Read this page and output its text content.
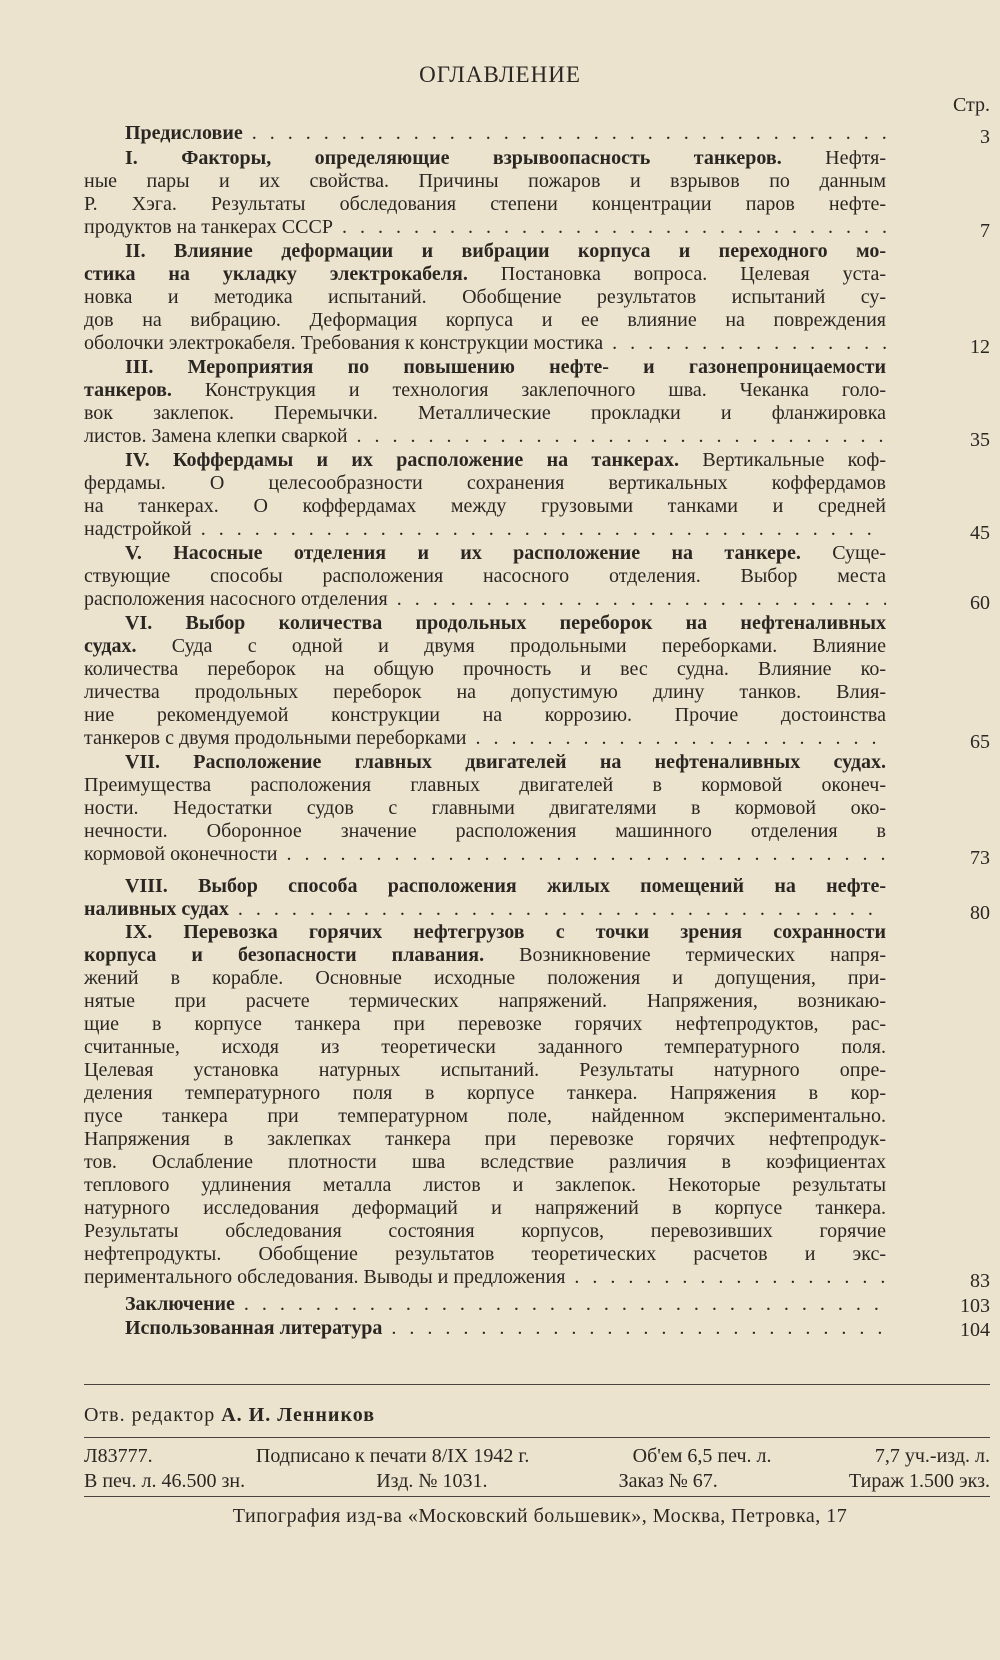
ОГЛАВЛЕНИЕ
Стр.
Предисловие . . .	3
I. Факторы, определяющие взрывоопасность танкеров. Нефтя-
ные пары и их свойства. Причины пожаров и взрывов по данным
Р. Хэга. Результаты обследования степени концентрации паров нефте-
продуктов на танкерах СССР . . .	7
II. Влияние деформации и вибрации корпуса и переходного мо-
стика на укладку электрокабеля. Постановка вопроса. Целевая уста-
новка и методика испытаний. Обобщение результатов испытаний су-
дов на вибрацию. Деформация корпуса и ее влияние на повреждения
оболочки электрокабеля. Требования к конструкции мостика . . .	12
III. Мероприятия по повышению нефте- и газонепроницаемости
танкеров. Конструкция и технология заклепочного шва. Чеканка голо-
вок заклепок. Перемычки. Металлические прокладки и фланжировка
листов. Замена клепки сваркой . . .	35
IV. Коффердамы и их расположение на танкерах. Вертикальные коф-
фердамы. О целесообразности сохранения вертикальных коффердамов
на танкерах. О коффердамах между грузовыми танками и средней
надстройкой . . .	45
V. Насосные отделения и их расположение на танкере. Суще-
ствующие способы расположения насосного отделения. Выбор места
расположения насосного отделения . . .	60
VI. Выбор количества продольных переборок на нефтеналивных
судах. Суда с одной и двумя продольными переборками. Влияние
количества переборок на общую прочность и вес судна. Влияние ко-
личества продольных переборок на допустимую длину танков. Влия-
ние рекомендуемой конструкции на коррозию. Прочие достоинства
танкеров с двумя продольными переборками . . .	65
VII. Расположение главных двигателей на нефтеналивных судах.
Преимущества расположения главных двигателей в кормовой оконеч-
ности. Недостатки судов с главными двигателями в кормовой око-
нечности. Оборонное значение расположения машинного отделения в
кормовой оконечности . . .	73
VIII. Выбор способа расположения жилых помещений на нефте-
наливных судах . . .	80
IX. Перевозка горячих нефтегрузов с точки зрения сохранности
корпуса и безопасности плавания. Возникновение термических напря-
жений в корабле. Основные исходные положения и допущения, при-
нятые при расчете термических напряжений. Напряжения, возникаю-
щие в корпусе танкера при перевозке горячих нефтепродуктов, рас-
считанные, исходя из теоретически заданного температурного поля.
Целевая установка натурных испытаний. Результаты натурного опре-
деления температурного поля в корпусе танкера. Напряжения в кор-
пусе танкера при температурном поле, найденном экспериментально.
Напряжения в заклепках танкера при перевозке горячих нефтепродук-
тов. Ослабление плотности шва вследствие различия в коэфициентах
теплового удлинения металла листов и заклепок. Некоторые результаты
натурного исследования деформаций и напряжений в корпусе танкера.
Результаты обследования состояния корпусов, перевозивших горячие
нефтепродукты. Обобщение результатов теоретических расчетов и экс-
периментального обследования. Выводы и предложения . . .	83
Заключение . . .	103
Использованная литература . . .	104
Отв. редактор А. И. Ленников
Л83777.	Подписано к печати 8/IX 1942 г.	Об'ем 6,5 печ. л.	7,7 уч.-изд. л.
В печ. л. 46.500 зн.	Изд. № 1031.	Заказ № 67.	Тираж 1.500 экз.
Типография изд-ва «Московский большевик», Москва, Петровка, 17
